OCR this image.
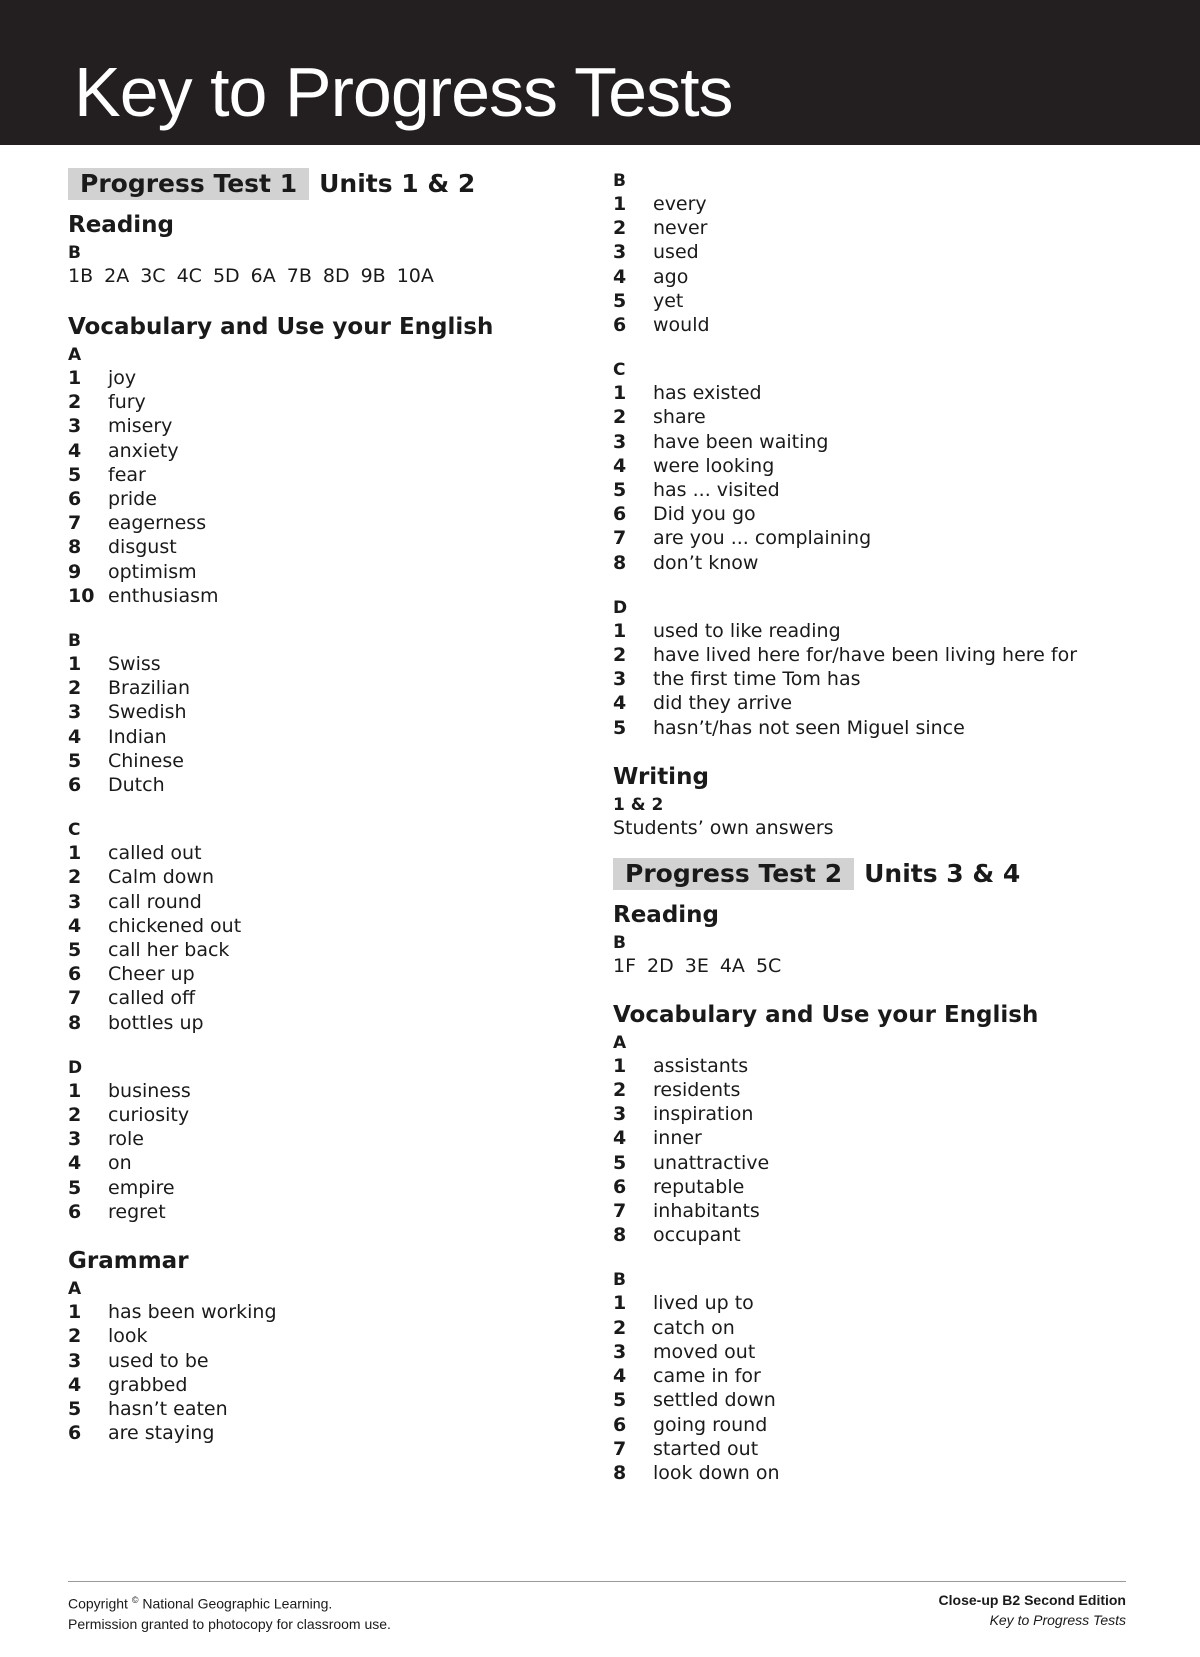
Key to Progress Tests
Progress Test 1 Units 1 & 2
Reading
B
1B 2A 3C 4C 5D 6A 7B 8D 9B 10A
Vocabulary and Use your English
A
1	joy
2	fury
3	misery
4	anxiety
5	fear
6	pride
7	eagerness
8	disgust
9	optimism
10 enthusiasm
B
1	Swiss
2	Brazilian
3	Swedish
4	Indian
5	Chinese
6	Dutch
C
1	called out
2	Calm down
3	call round
4	chickened out
5	call her back
6	Cheer up
7	called off
8	bottles up
D
1	business
2	curiosity
3	role
4	on
5	empire
6	regret
Grammar
A
1	has been working
2	look
3	used to be
4	grabbed
5	hasn’t eaten
6	are staying
B
1	every
2	never
3	used
4	ago
5	yet
6	would
C
1	has existed
2	share
3	have been waiting
4	were looking
5	has ... visited
6	Did you go
7	are you ... complaining
8	don’t know
D
1	used to like reading
2	have lived here for/have been living here for
3	the first time Tom has
4	did they arrive
5	hasn’t/has not seen Miguel since
Writing
1 & 2
Students’ own answers
Progress Test 2 Units 3 & 4
Reading
B
1F 2D 3E 4A 5C
Vocabulary and Use your English
A
1	assistants
2	residents
3	inspiration
4	inner
5	unattractive
6	reputable
7	inhabitants
8	occupant
B
1	lived up to
2	catch on
3	moved out
4	came in for
5	settled down
6	going round
7	started out
8	look down on
Copyright © National Geographic Learning.
Permission granted to photocopy for classroom use.
Close-up B2 Second Edition
Key to Progress Tests
